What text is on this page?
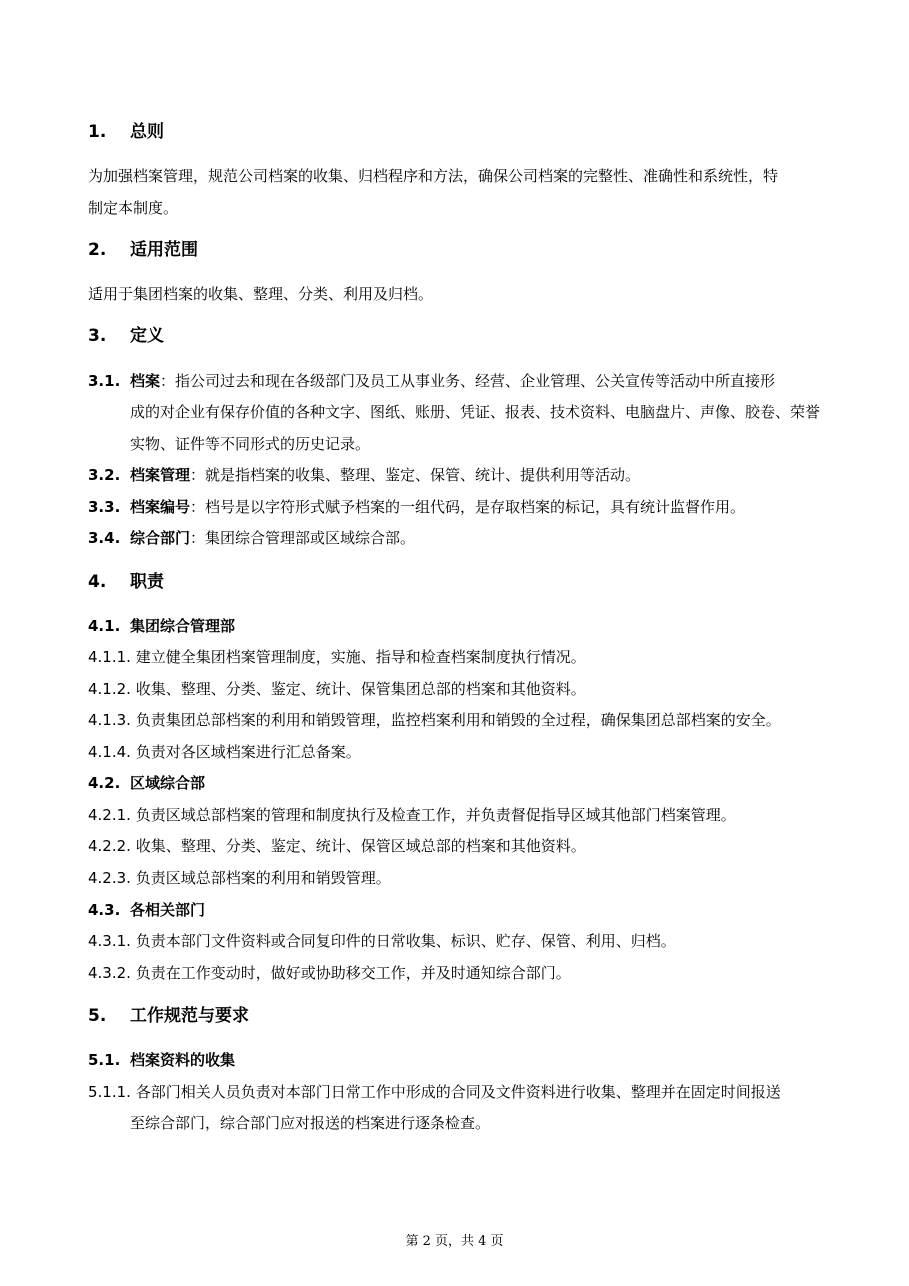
1. 总则
为加强档案管理，规范公司档案的收集、归档程序和方法，确保公司档案的完整性、准确性和系统性，特
制定本制度。
2. 适用范围
适用于集团档案的收集、整理、分类、利用及归档。
3. 定义
3.1. 档案：指公司过去和现在各级部门及员工从事业务、经营、企业管理、公关宣传等活动中所直接形
成的对企业有保存价值的各种文字、图纸、账册、凭证、报表、技术资料、电脑盘片、声像、胶卷、荣誉
实物、证件等不同形式的历史记录。
3.2. 档案管理：就是指档案的收集、整理、鉴定、保管、统计、提供利用等活动。
3.3. 档案编号：档号是以字符形式赋予档案的一组代码，是存取档案的标记，具有统计监督作用。
3.4. 综合部门：集团综合管理部或区域综合部。
4. 职责
4.1. 集团综合管理部
4.1.1. 建立健全集团档案管理制度，实施、指导和检查档案制度执行情况。
4.1.2. 收集、整理、分类、鉴定、统计、保管集团总部的档案和其他资料。
4.1.3. 负责集团总部档案的利用和销毁管理，监控档案利用和销毁的全过程，确保集团总部档案的安全。
4.1.4. 负责对各区域档案进行汇总备案。
4.2. 区域综合部
4.2.1. 负责区域总部档案的管理和制度执行及检查工作，并负责督促指导区域其他部门档案管理。
4.2.2. 收集、整理、分类、鉴定、统计、保管区域总部的档案和其他资料。
4.2.3. 负责区域总部档案的利用和销毁管理。
4.3. 各相关部门
4.3.1. 负责本部门文件资料或合同复印件的日常收集、标识、贮存、保管、利用、归档。
4.3.2. 负责在工作变动时，做好或协助移交工作，并及时通知综合部门。
5. 工作规范与要求
5.1. 档案资料的收集
5.1.1. 各部门相关人员负责对本部门日常工作中形成的合同及文件资料进行收集、整理并在固定时间报送
至综合部门，综合部门应对报送的档案进行逐条检查。
第 2 页，共 4 页
